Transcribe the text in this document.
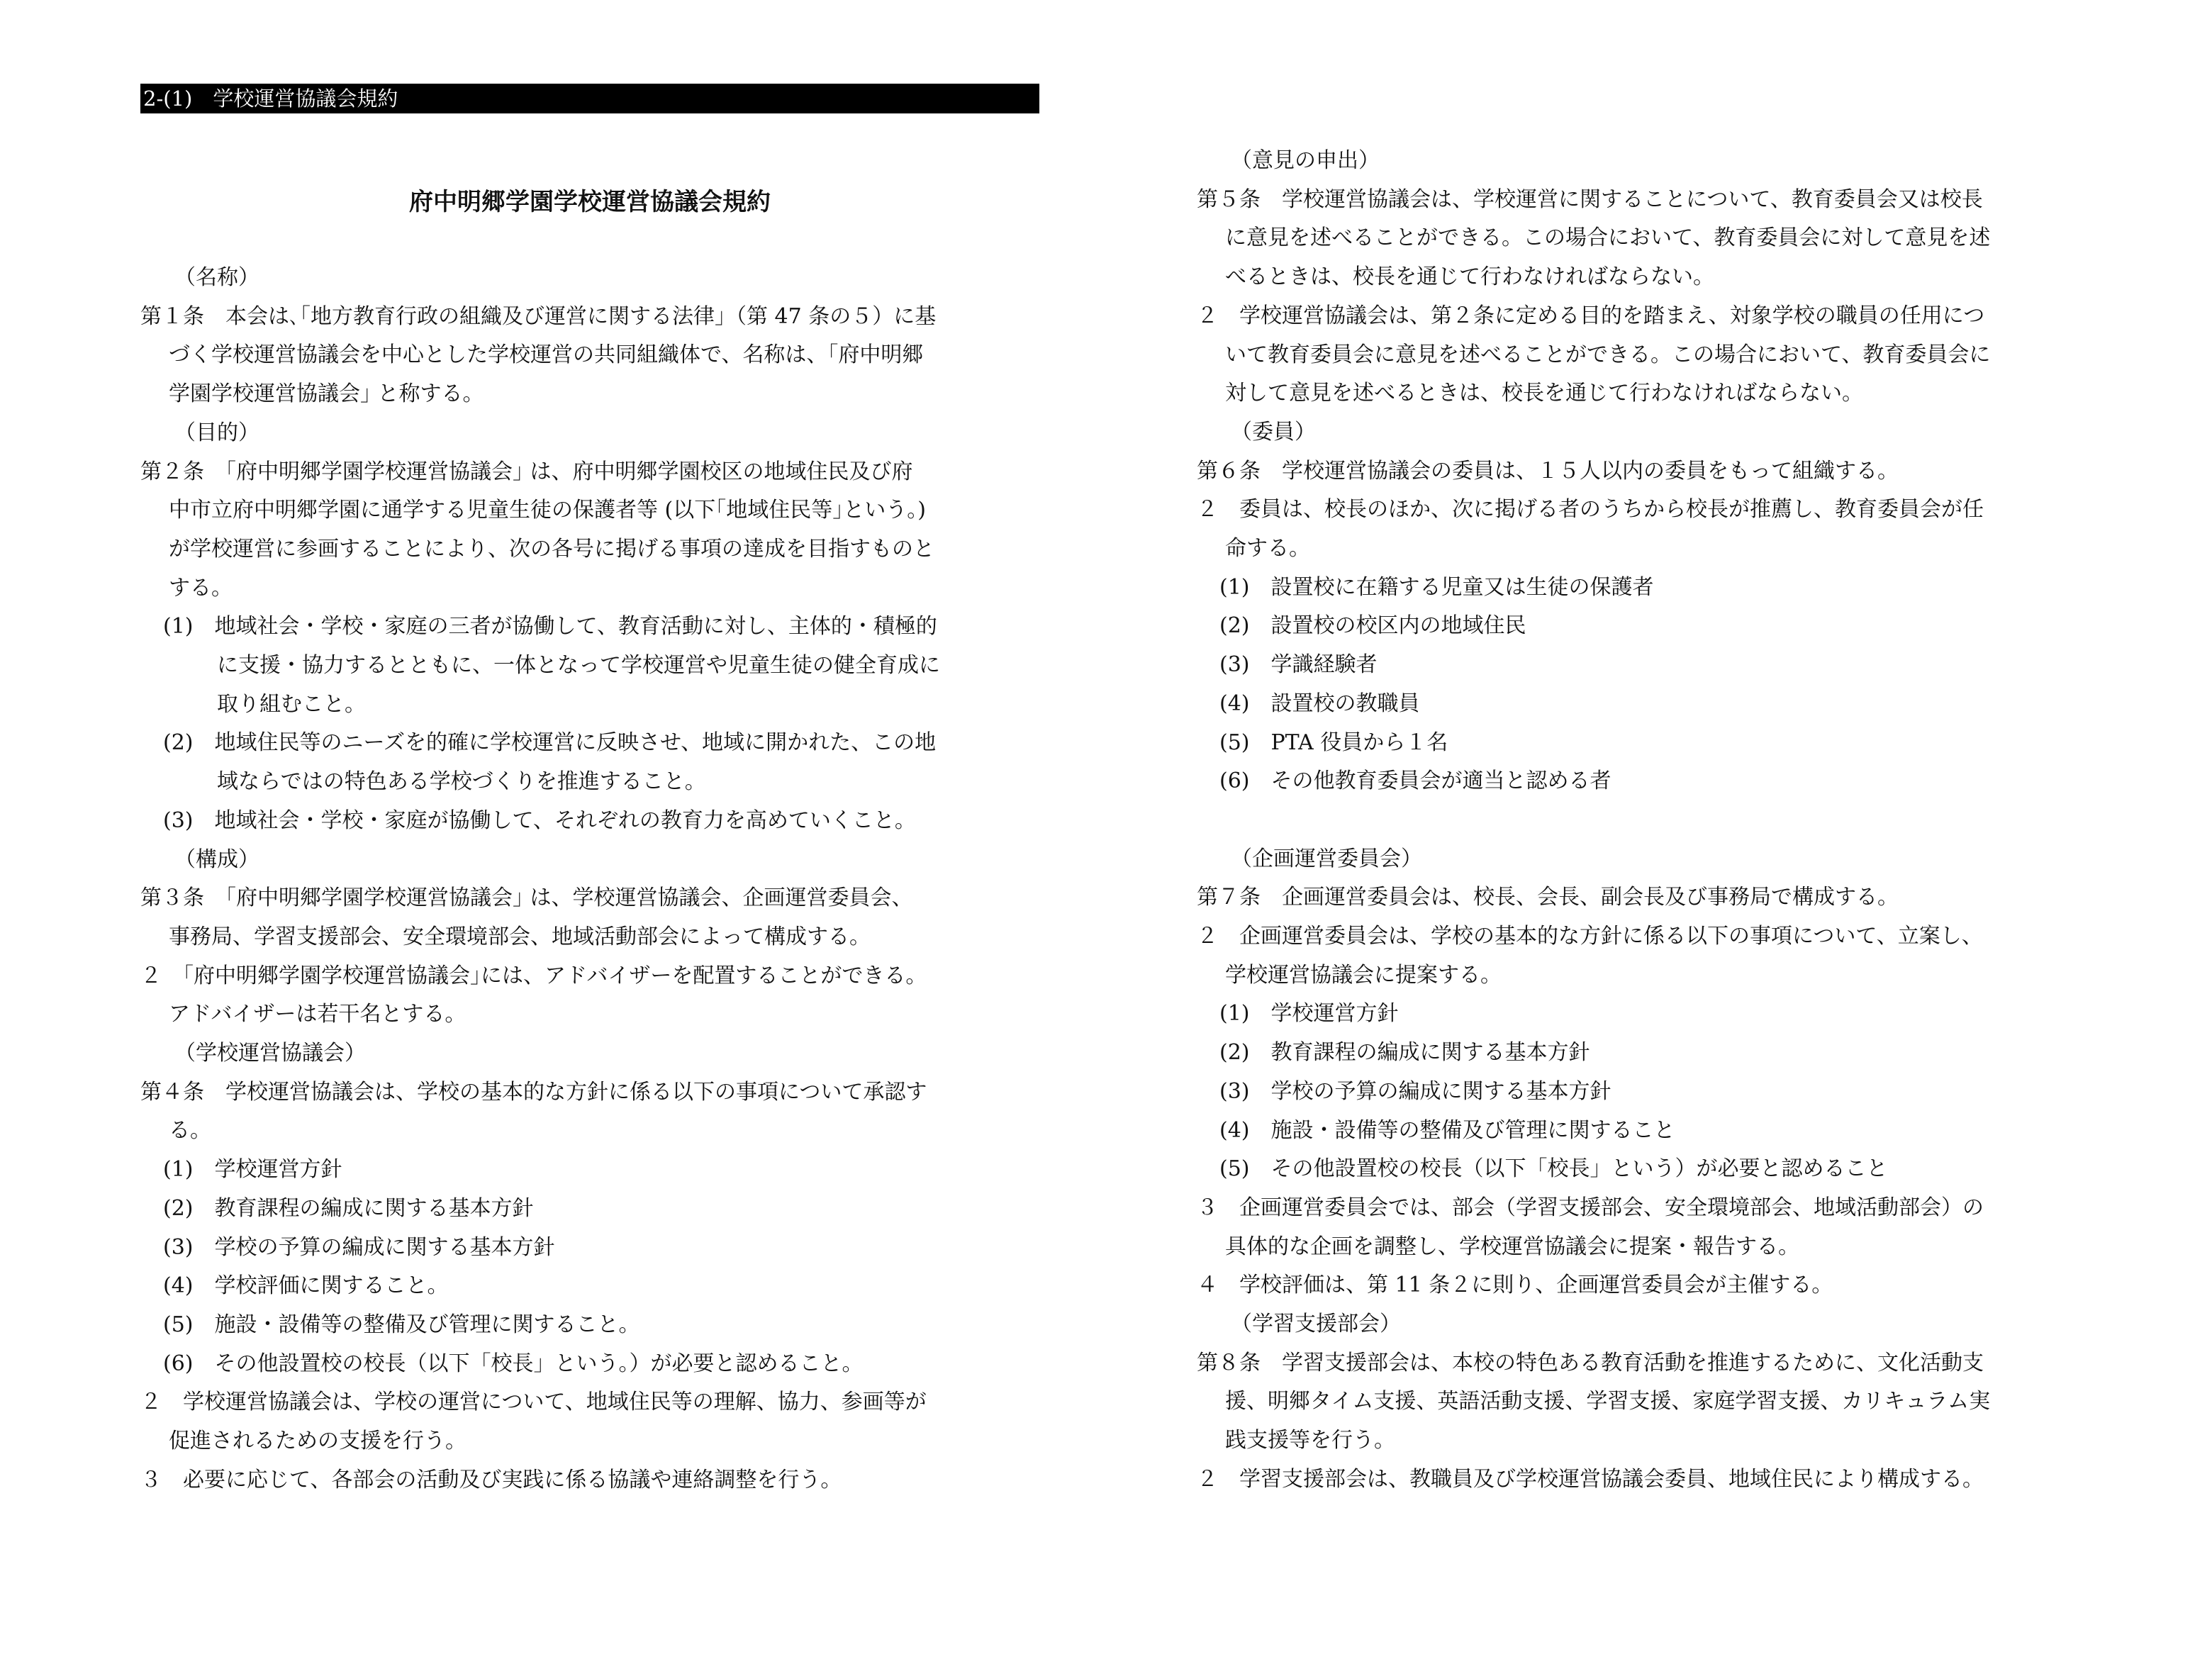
2-(1)　学校運営協議会規約
府中明郷学園学校運営協議会規約
（名称）
第１条　本会は､｢地方教育行政の組織及び運営に関する法律｣（第 47 条の５）に基
づく学校運営協議会を中心とした学校運営の共同組織体で、名称は、｢府中明郷
学園学校運営協議会｣ と称する。
（目的）
第２条　｢府中明郷学園学校運営協議会｣ は、府中明郷学園校区の地域住民及び府
中市立府中明郷学園に通学する児童生徒の保護者等 (以下｢地域住民等｣という。)
が学校運営に参画することにより、次の各号に掲げる事項の達成を目指すものと
する。
(1)　地域社会・学校・家庭の三者が協働して、教育活動に対し、主体的・積極的
に支援・協力するとともに、一体となって学校運営や児童生徒の健全育成に
取り組むこと。
(2)　地域住民等のニーズを的確に学校運営に反映させ、地域に開かれた、この地
域ならではの特色ある学校づくりを推進すること。
(3)　地域社会・学校・家庭が協働して、それぞれの教育力を高めていくこと。
（構成）
第３条　｢府中明郷学園学校運営協議会｣ は、学校運営協議会、企画運営委員会、
事務局、学習支援部会、安全環境部会、地域活動部会によって構成する。
２　｢府中明郷学園学校運営協議会｣には、アドバイザーを配置することができる。
アドバイザーは若干名とする。
（学校運営協議会）
第４条　学校運営協議会は、学校の基本的な方針に係る以下の事項について承認す
る。
(1)　学校運営方針
(2)　教育課程の編成に関する基本方針
(3)　学校の予算の編成に関する基本方針
(4)　学校評価に関すること。
(5)　施設・設備等の整備及び管理に関すること。
(6)　その他設置校の校長（以下「校長」という。）が必要と認めること。
２　学校運営協議会は、学校の運営について、地域住民等の理解、協力、参画等が
促進されるための支援を行う。
３　必要に応じて、各部会の活動及び実践に係る協議や連絡調整を行う。
（意見の申出）
第５条　学校運営協議会は、学校運営に関することについて、教育委員会又は校長
に意見を述べることができる。この場合において、教育委員会に対して意見を述
べるときは、校長を通じて行わなければならない。
２　学校運営協議会は、第２条に定める目的を踏まえ、対象学校の職員の任用につ
いて教育委員会に意見を述べることができる。この場合において、教育委員会に
対して意見を述べるときは、校長を通じて行わなければならない。
（委員）
第６条　学校運営協議会の委員は、１５人以内の委員をもって組織する。
２　委員は、校長のほか、次に掲げる者のうちから校長が推薦し、教育委員会が任
命する。
(1)　設置校に在籍する児童又は生徒の保護者
(2)　設置校の校区内の地域住民
(3)　学識経験者
(4)　設置校の教職員
(5)　PTA 役員から１名
(6)　その他教育委員会が適当と認める者
（企画運営委員会）
第７条　企画運営委員会は、校長、会長、副会長及び事務局で構成する。
２　企画運営委員会は、学校の基本的な方針に係る以下の事項について、立案し、
学校運営協議会に提案する。
(1)　学校運営方針
(2)　教育課程の編成に関する基本方針
(3)　学校の予算の編成に関する基本方針
(4)　施設・設備等の整備及び管理に関すること
(5)　その他設置校の校長（以下「校長」という）が必要と認めること
３　企画運営委員会では、部会（学習支援部会、安全環境部会、地域活動部会）の
具体的な企画を調整し、学校運営協議会に提案・報告する。
４　学校評価は、第 11 条２に則り、企画運営委員会が主催する。
（学習支援部会）
第８条　学習支援部会は、本校の特色ある教育活動を推進するために、文化活動支
援、明郷タイム支援、英語活動支援、学習支援、家庭学習支援、カリキュラム実
践支援等を行う。
２　学習支援部会は、教職員及び学校運営協議会委員、地域住民により構成する。
